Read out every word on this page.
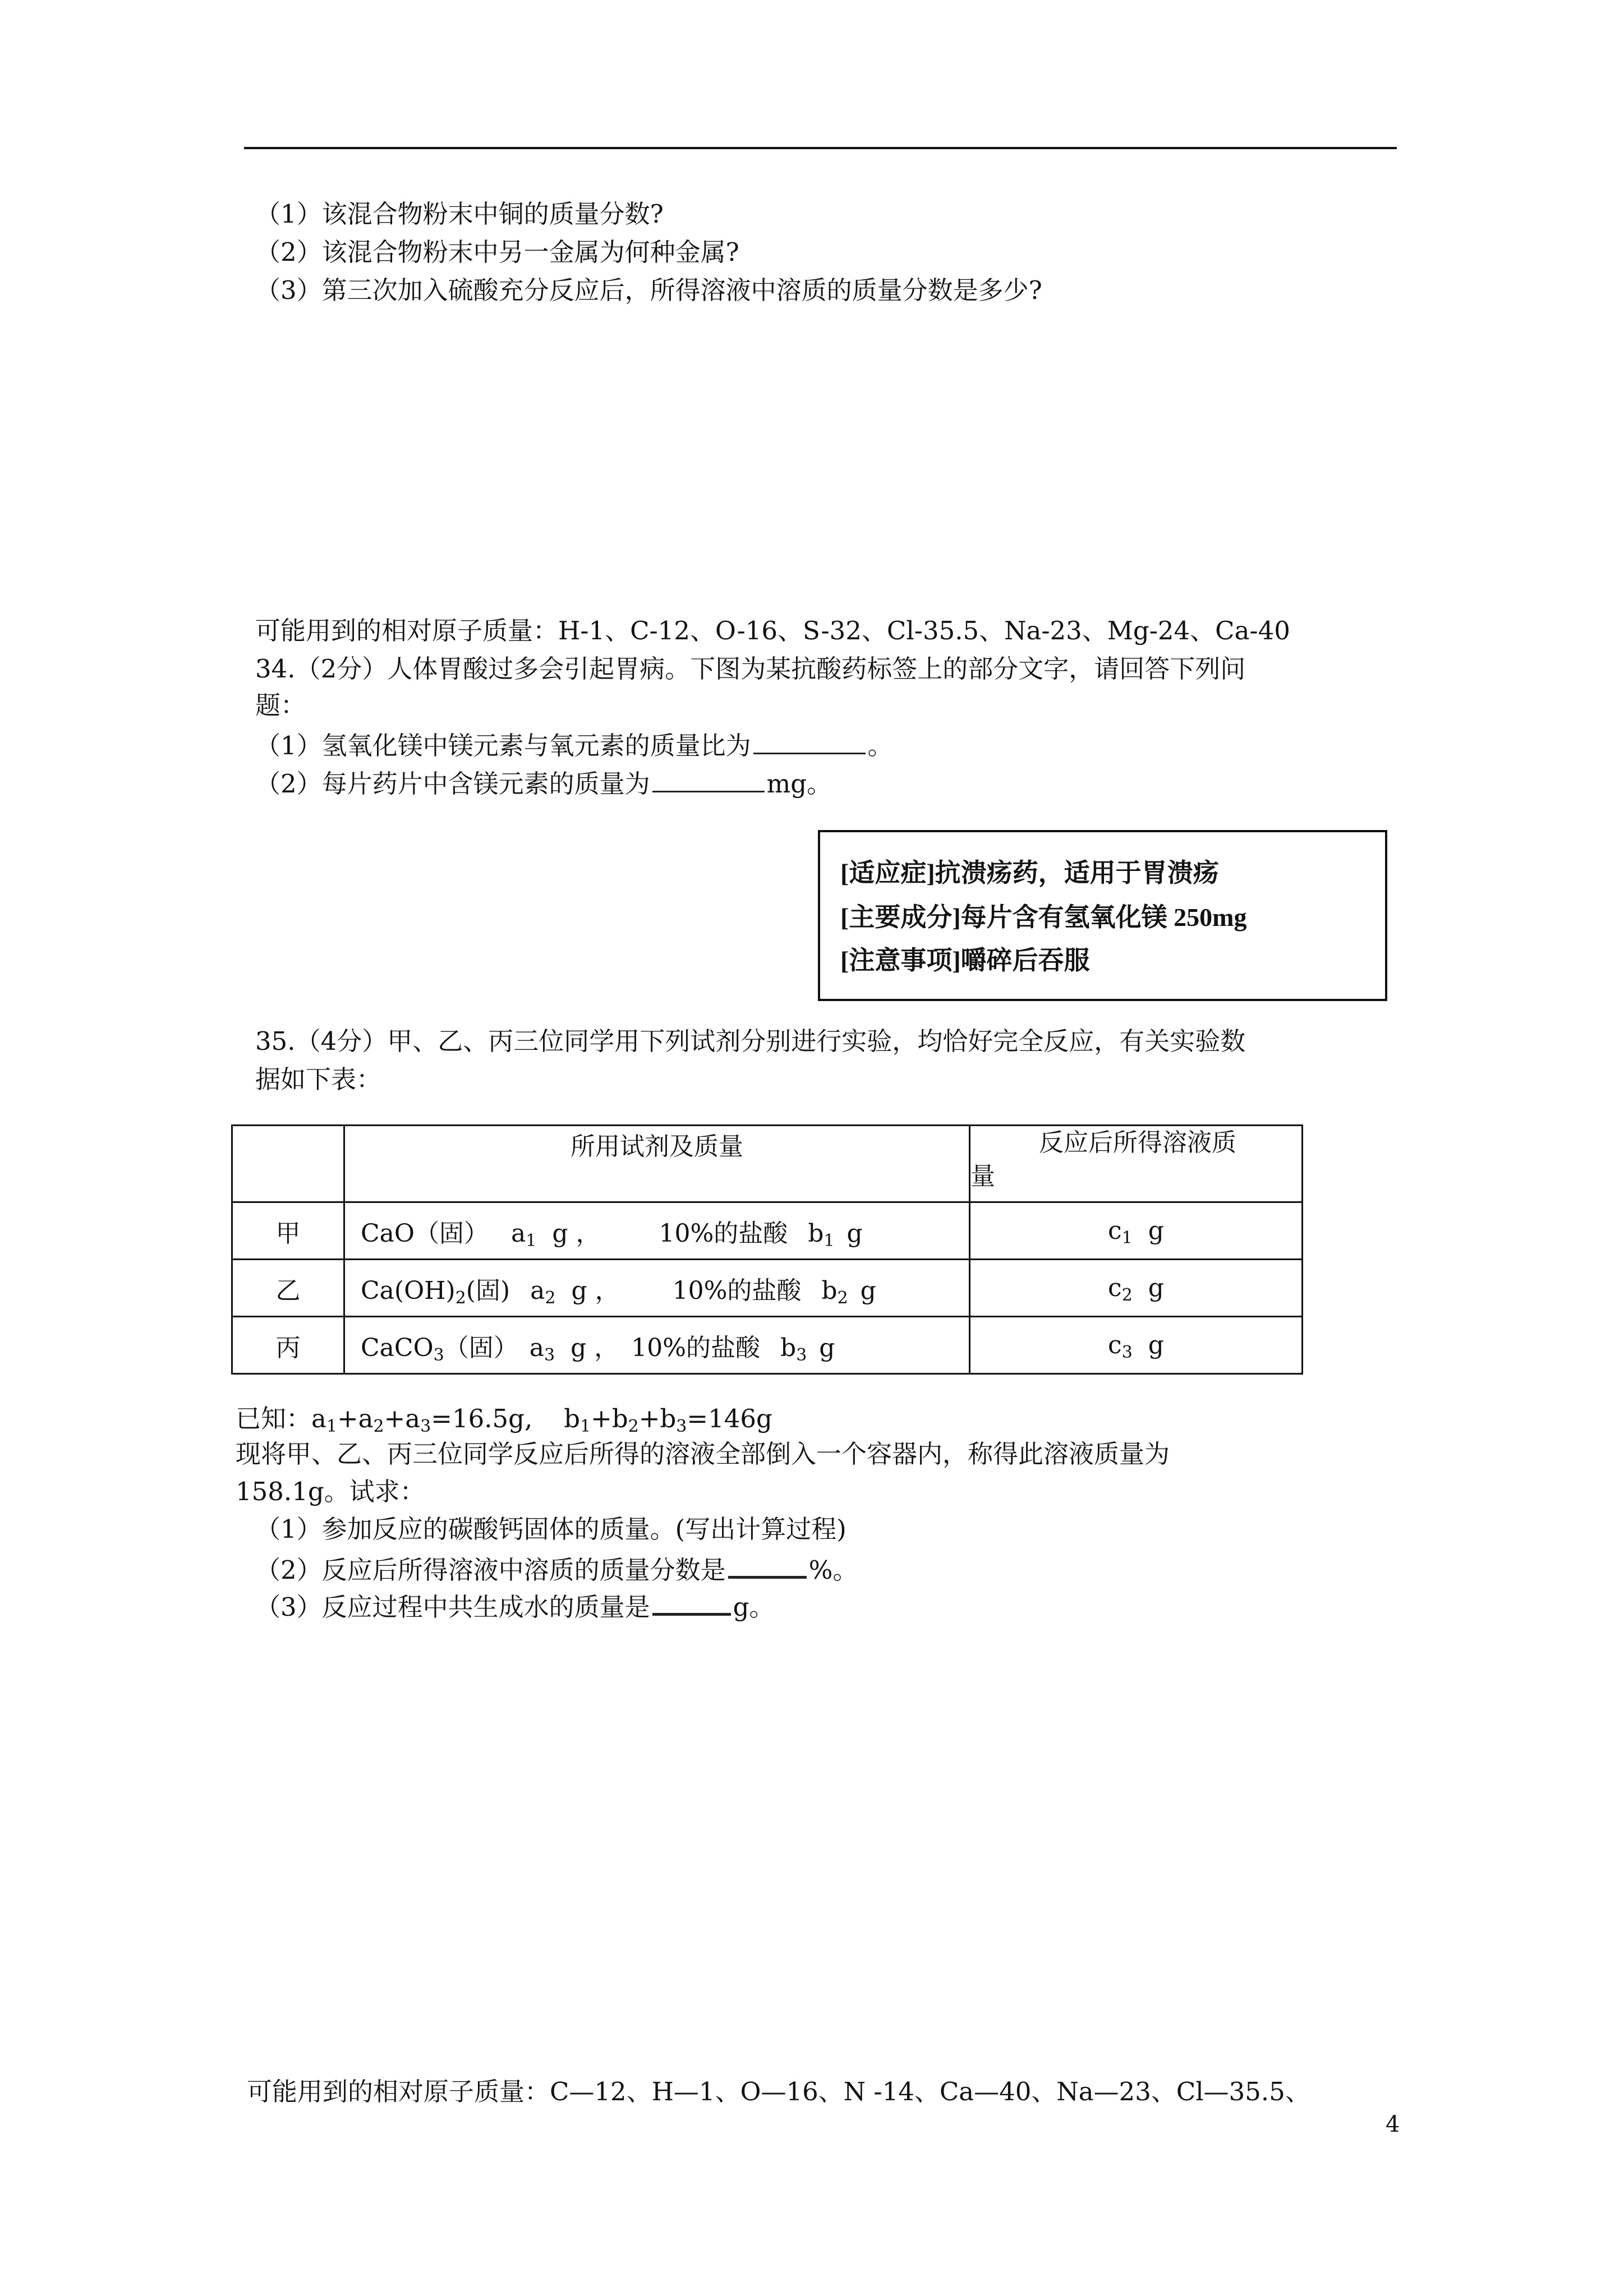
（1）该混合物粉末中铜的质量分数?
（2）该混合物粉末中另一金属为何种金属?
（3）第三次加入硫酸充分反应后，所得溶液中溶质的质量分数是多少?
可能用到的相对原子质量：H-1、C-12、O-16、S-32、Cl-35.5、Na-23、Mg-24、Ca-40
34.（2分）人体胃酸过多会引起胃病。下图为某抗酸药标签上的部分文字，请回答下列问
题：
（1）氢氧化镁中镁元素与氧元素的质量比为	。
（2）每片药片中含镁元素的质量为	mg。
[适应症]抗溃疡药，适用于胃溃疡
[主要成分]每片含有氢氧化镁 250mg
[注意事项]嚼碎后吞服
35.（4分）甲、乙、丙三位同学用下列试剂分别进行实验，均恰好完全反应，有关实验数
据如下表：
	所用试剂及质量	反应后所得溶液质
量

甲	CaO（固） $a_1$ g ， 10%的盐酸 $b_1$ g	$c_1$ g
乙	$Ca(OH)_2$(固) $a_2$ g ， 10%的盐酸 $b_2$ g	$c_2$ g
丙	CaCO$_3$（固） $a_3$ g ， 10%的盐酸 $b_3$ g	$c_3$ g
已知：$a_1+a_2+a_3=16.5g$, $b_1+b_2+b_3=146g$
现将甲、乙、丙三位同学反应后所得的溶液全部倒入一个容器内，称得此溶液质量为
158.1g。试求：
（1）参加反应的碳酸钙固体的质量。(写出计算过程)
（2）反应后所得溶液中溶质的质量分数是	%。
（3）反应过程中共生成水的质量是	g。
可能用到的相对原子质量：C—12、H—1、O—16、N -14、Ca—40、Na—23、Cl—35.5、
4
